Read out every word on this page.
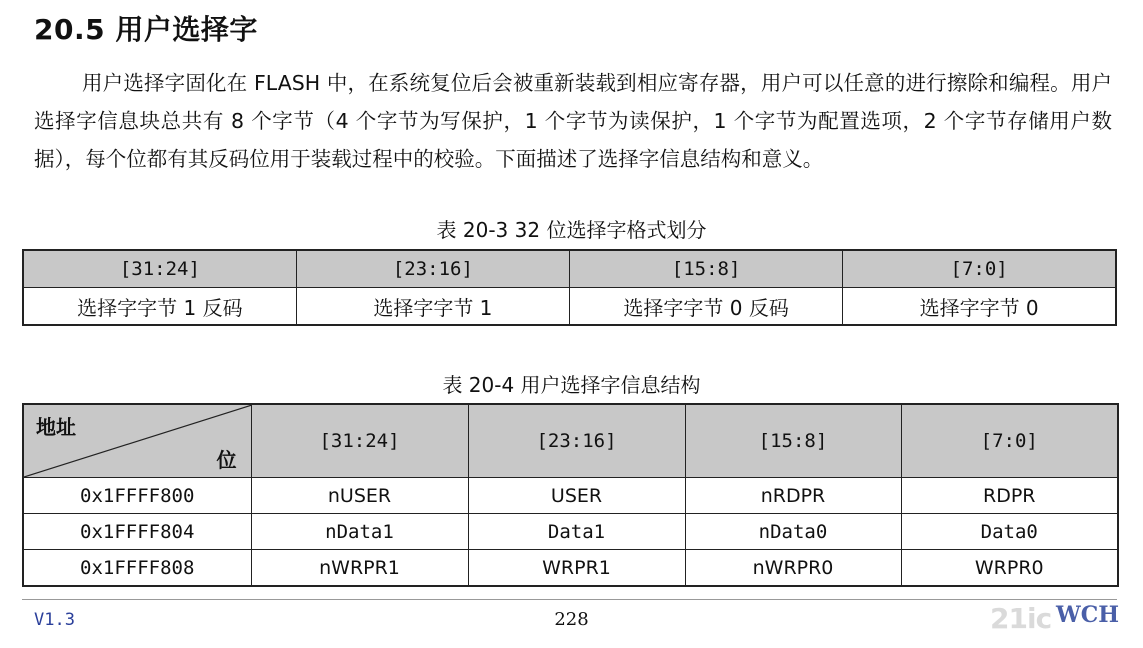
20.5 用户选择字
用户选择字固化在 FLASH 中，在系统复位后会被重新装载到相应寄存器，用户可以任意的进行擦除和编程。用户选择字信息块总共有 8 个字节（4 个字节为写保护，1 个字节为读保护，1 个字节为配置选项，2 个字节存储用户数据），每个位都有其反码位用于装载过程中的校验。下面描述了选择字信息结构和意义。
表 20-3 32 位选择字格式划分
[31:24]	[23:16]	[15:8]	[7:0]
选择字字节 1 反码	选择字字节 1	选择字字节 0 反码	选择字字节 0
表 20-4 用户选择字信息结构
地址
位	[31:24]	[23:16]	[15:8]	[7:0]
0x1FFFF800	nUSER	USER	nRDPR	RDPR
0x1FFFF804	nData1	Data1	nData0	Data0
0x1FFFF808	nWRPR1	WRPR1	nWRPR0	WRPR0
V1.3	228	21ic WCH
